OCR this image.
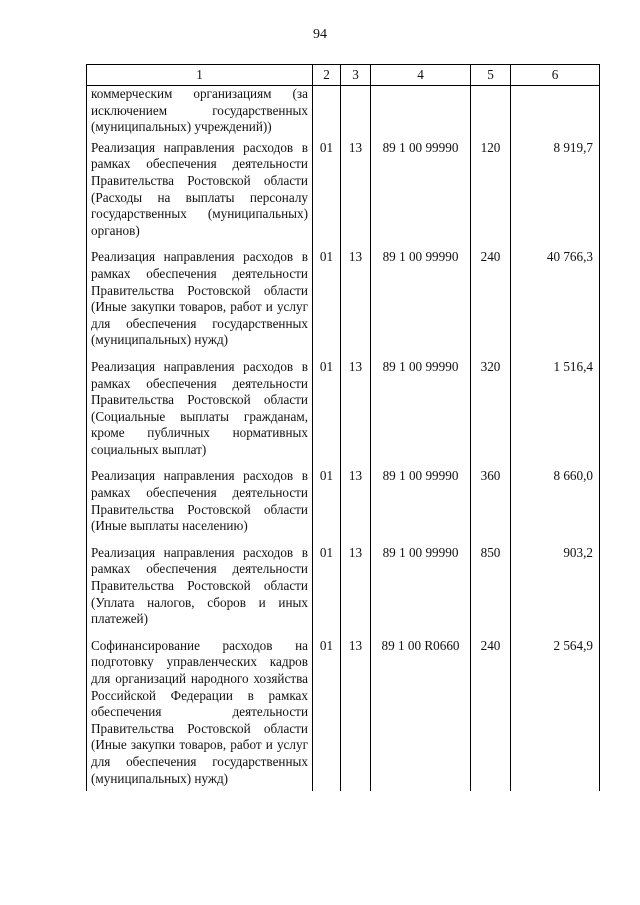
94
1	2	3	4	5	6
коммерческим организациям (за исключением государственных (муниципальных) учреждений))					
Реализация направления расходов в рамках обеспечения деятельности Правительства Ростовской области (Расходы на выплаты персоналу государственных (муниципальных) органов)	01	13	89 1 00 99990	120	8 919,7
Реализация направления расходов в рамках обеспечения деятельности Правительства Ростовской области (Иные закупки товаров, работ и услуг для обеспечения государственных (муниципальных) нужд)	01	13	89 1 00 99990	240	40 766,3
Реализация направления расходов в рамках обеспечения деятельности Правительства Ростовской области (Социальные выплаты гражданам, кроме публичных нормативных социальных выплат)	01	13	89 1 00 99990	320	1 516,4
Реализация направления расходов в рамках обеспечения деятельности Правительства Ростовской области (Иные выплаты населению)	01	13	89 1 00 99990	360	8 660,0
Реализация направления расходов в рамках обеспечения деятельности Правительства Ростовской области (Уплата налогов, сборов и иных платежей)	01	13	89 1 00 99990	850	903,2
Софинансирование расходов на подготовку управленческих кадров для организаций народного хозяйства Российской Федерации в рамках обеспечения деятельности Правительства Ростовской области (Иные закупки товаров, работ и услуг для обеспечения государственных (муниципальных) нужд)	01	13	89 1 00 R0660	240	2 564,9
